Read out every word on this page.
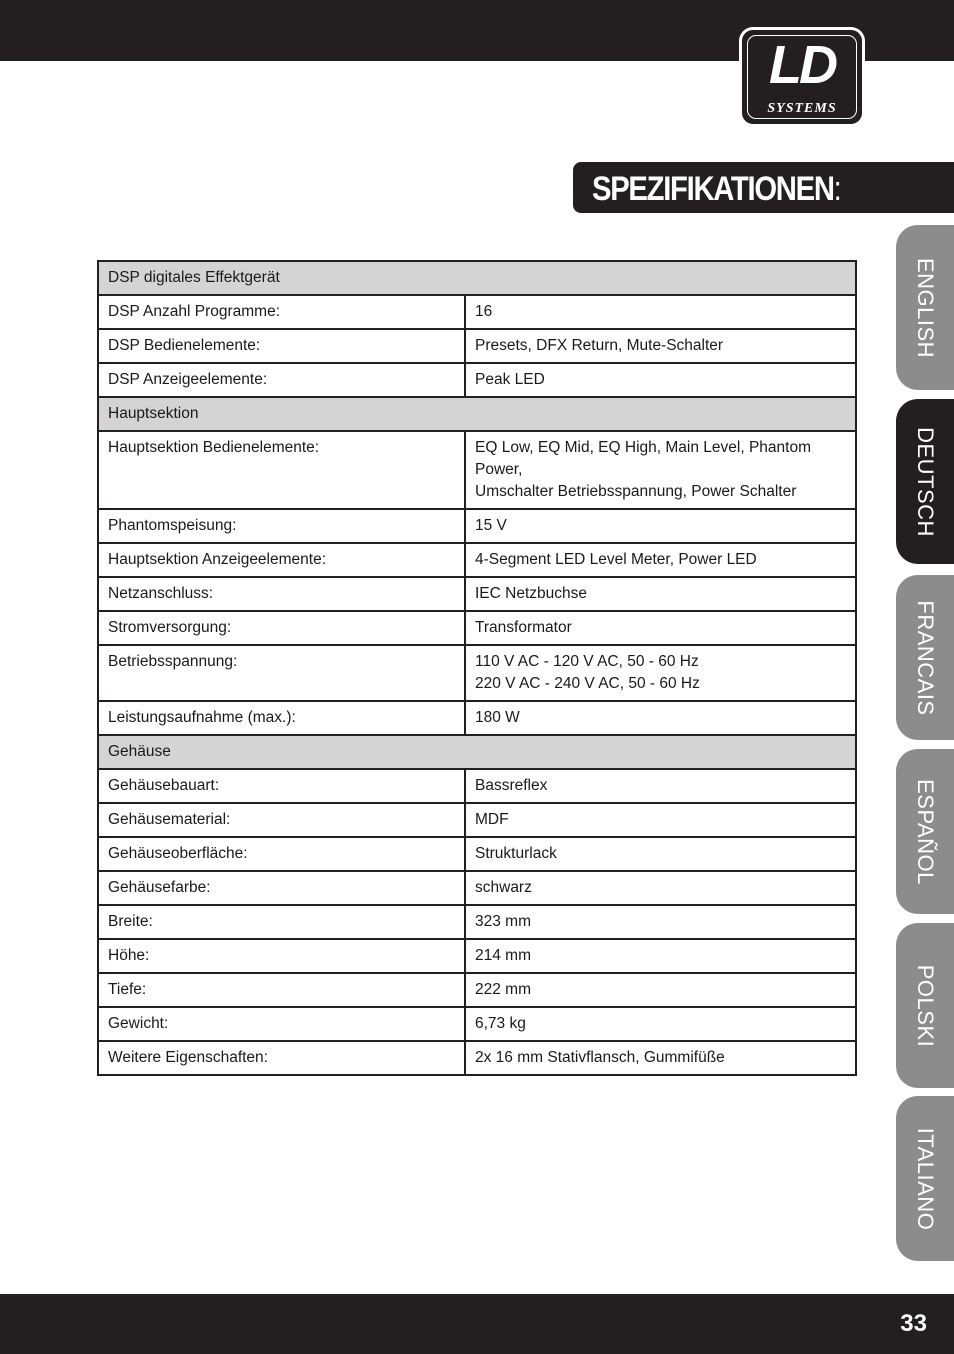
LD
SYSTEMS
SPEZIFIKATIONEN:
ENGLISH
DEUTSCH
FRANCAIS
ESPAÑOL
POLSKI
ITALIANO
DSP digitales Effektgerät	
DSP Anzahl Programme:	16

DSP Bedienelemente:	Presets, DFX Return, Mute-Schalter

DSP Anzeigeelemente:	Peak LED

Hauptsektion	
Hauptsektion Bedienelemente:	EQ Low, EQ Mid, EQ High, Main Level, Phantom Power,
Umschalter Betriebsspannung, Power Schalter

Phantomspeisung:	15 V

Hauptsektion Anzeigeelemente:	4-Segment LED Level Meter, Power LED

Netzanschluss:	IEC Netzbuchse

Stromversorgung:	Transformator

Betriebsspannung:	110 V AC - 120 V AC, 50 - 60 Hz
220 V AC - 240 V AC, 50 - 60 Hz

Leistungsaufnahme (max.):	180 W

Gehäuse	
Gehäusebauart:	Bassreflex

Gehäusematerial:	MDF

Gehäuseoberfläche:	Strukturlack

Gehäusefarbe:	schwarz

Breite:	323 mm

Höhe:	214 mm

Tiefe:	222 mm

Gewicht:	6,73 kg

Weitere Eigenschaften:	2x 16 mm Stativflansch, Gummifüße
33
